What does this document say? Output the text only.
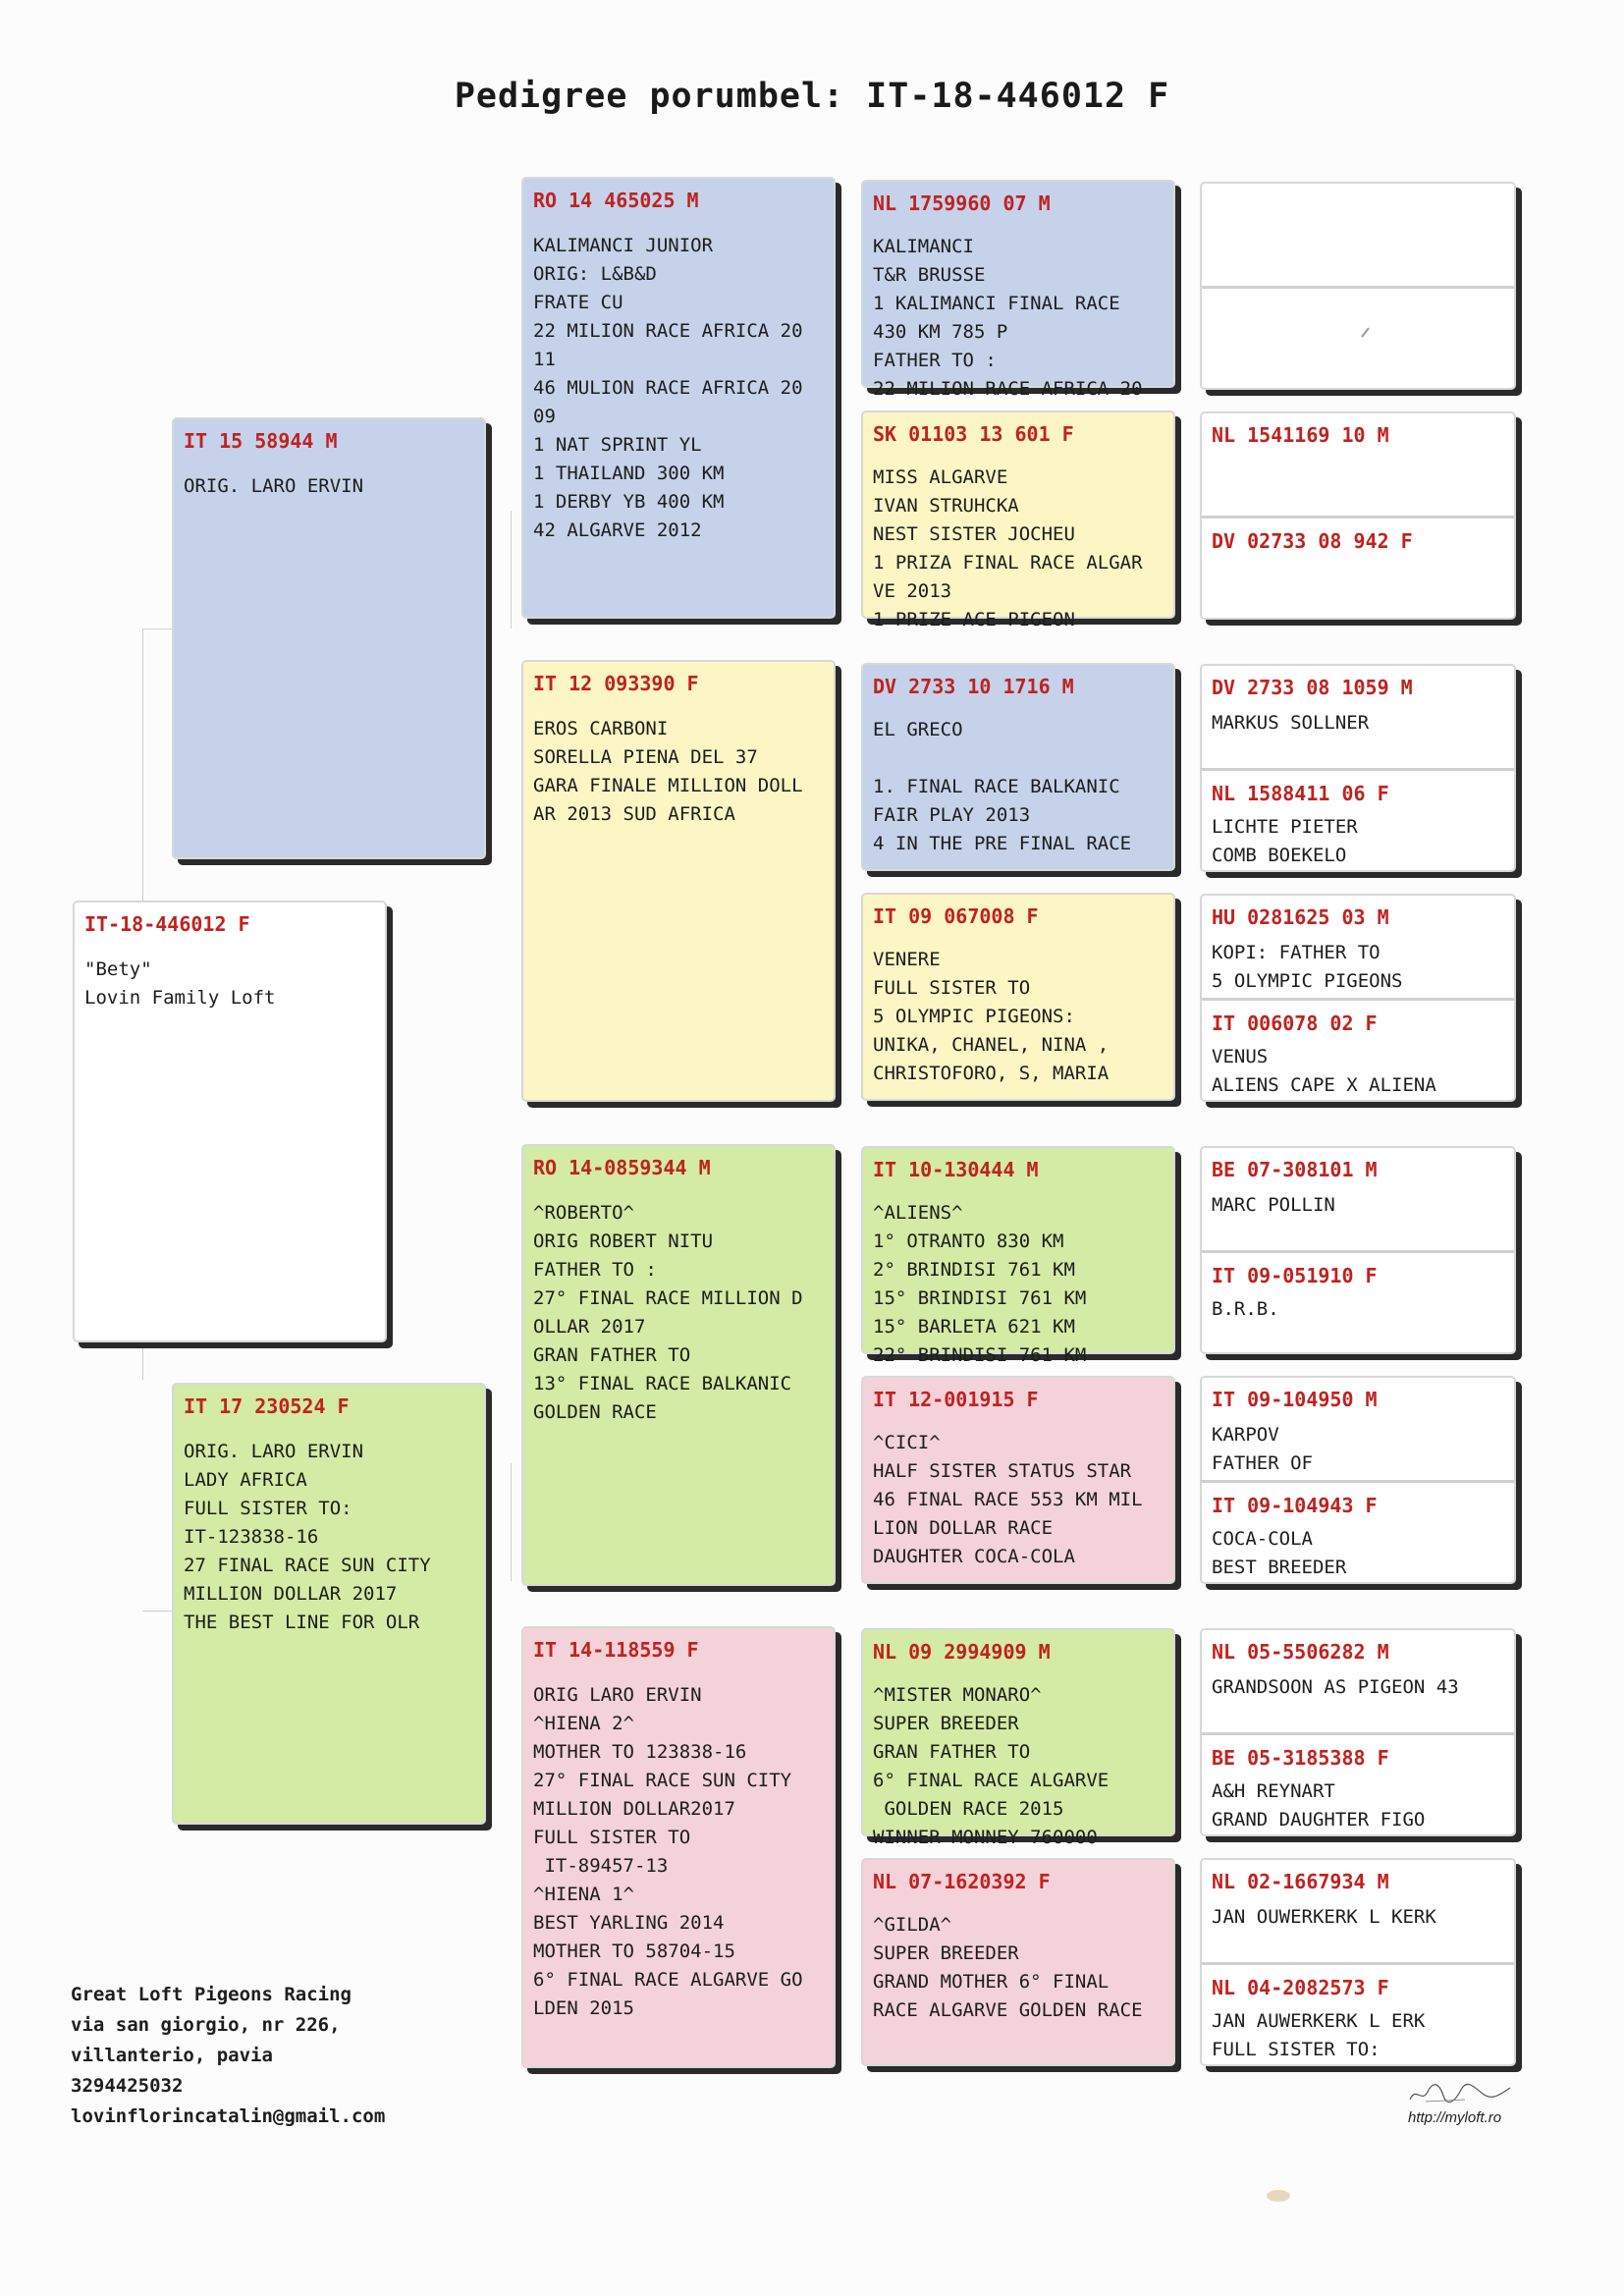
Pedigree porumbel: IT-18-446012 F
IT-18-446012 F
"Bety"
Lovin Family Loft
IT 15 58944 M
ORIG. LARO ERVIN
IT 17 230524 F
ORIG. LARO ERVIN
LADY AFRICA
FULL SISTER TO:
IT-123838-16
27 FINAL RACE SUN CITY
MILLION DOLLAR 2017
THE BEST LINE FOR OLR
RO 14 465025 M
KALIMANCI JUNIOR
ORIG: L&B&D
FRATE CU
22 MILION RACE AFRICA 20
11
46 MULION RACE AFRICA 20
09
1 NAT SPRINT YL
1 THAILAND 300 KM
1 DERBY YB 400 KM
42 ALGARVE 2012
IT 12 093390 F
EROS CARBONI
SORELLA PIENA DEL 37
GARA FINALE MILLION DOLL
AR 2013 SUD AFRICA
RO 14-0859344 M
^ROBERTO^
ORIG ROBERT NITU
FATHER TO :
27° FINAL RACE MILLION D
OLLAR 2017
GRAN FATHER TO
13° FINAL RACE BALKANIC
GOLDEN RACE
IT 14-118559 F
ORIG LARO ERVIN
^HIENA 2^
MOTHER TO 123838-16
27° FINAL RACE SUN CITY
MILLION DOLLAR2017
FULL SISTER TO
IT-89457-13
^HIENA 1^
BEST YARLING 2014
MOTHER TO 58704-15
6° FINAL RACE ALGARVE GO
LDEN 2015
NL 1759960 07 M
KALIMANCI
T&R BRUSSE
1 KALIMANCI FINAL RACE
430 KM 785 P
FATHER TO :
22 MILION RACE AFRICA 20
SK 01103 13 601 F
MISS ALGARVE
IVAN STRUHCKA
NEST SISTER JOCHEU
1 PRIZA FINAL RACE ALGAR
VE 2013
1 PRIZE ACE PIGEON
DV 2733 10 1716 M
EL GRECO

1. FINAL RACE BALKANIC
FAIR PLAY 2013
4 IN THE PRE FINAL RACE
IT 09 067008 F
VENERE
FULL SISTER TO
5 OLYMPIC PIGEONS:
UNIKA, CHANEL, NINA ,
CHRISTOFORO, S, MARIA
IT 10-130444 M
^ALIENS^
1° OTRANTO 830 KM
2° BRINDISI 761 KM
15° BRINDISI 761 KM
15° BARLETA 621 KM
22° BRINDISI 761 KM
IT 12-001915 F
^CICI^
HALF SISTER STATUS STAR
46 FINAL RACE 553 KM MIL
LION DOLLAR RACE
DAUGHTER COCA-COLA
NL 09 2994909 M
^MISTER MONARO^
SUPER BREEDER
GRAN FATHER TO
6° FINAL RACE ALGARVE
GOLDEN RACE 2015
WINNER MONNEY 760000
NL 07-1620392 F
^GILDA^
SUPER BREEDER
GRAND MOTHER 6° FINAL
RACE ALGARVE GOLDEN RACE
NL 1541169 10 M
DV 02733 08 942 F
DV 2733 08 1059 M
MARKUS SOLLNER
NL 1588411 06 F
LICHTE PIETER
COMB BOEKELO
HU 0281625 03 M
KOPI: FATHER TO
5 OLYMPIC PIGEONS
IT 006078 02 F
VENUS
ALIENS CAPE X ALIENA
BE 07-308101 M
MARC POLLIN
IT 09-051910 F
B.R.B.
IT 09-104950 M
KARPOV
FATHER OF
IT 09-104943 F
COCA-COLA
BEST BREEDER
NL 05-5506282 M
GRANDSOON AS PIGEON 43
BE 05-3185388 F
A&H REYNART
GRAND DAUGHTER FIGO
NL 02-1667934 M
JAN OUWERKERK L KERK
NL 04-2082573 F
JAN AUWERKERK L ERK
FULL SISTER TO:
Great Loft Pigeons Racing
via san giorgio, nr 226,
villanterio, pavia
3294425032
lovinflorincatalin@gmail.com	http://myloft.ro
